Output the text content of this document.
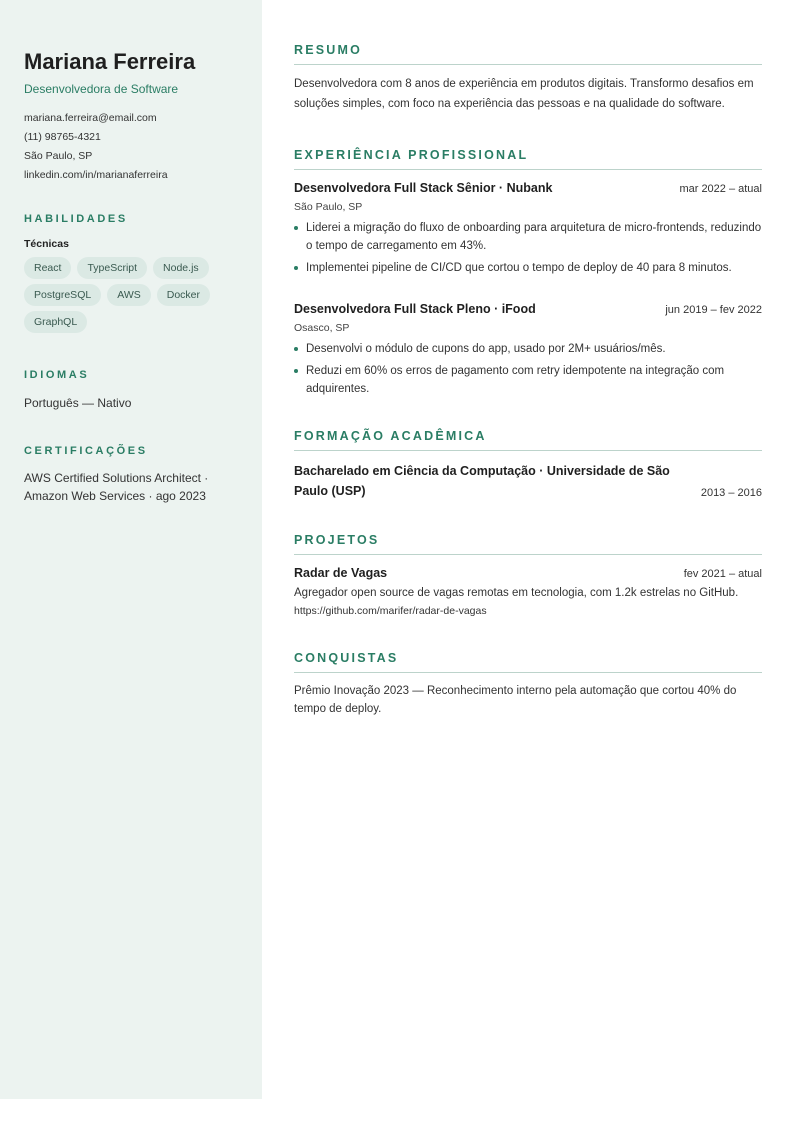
Mariana Ferreira
Desenvolvedora de Software
mariana.ferreira@email.com
(11) 98765-4321
São Paulo, SP
linkedin.com/in/marianaferreira
HABILIDADES
Técnicas
React	TypeScript	Node.js
PostgreSQL	AWS	Docker
GraphQL
IDIOMAS
Português — Nativo
CERTIFICAÇÕES
AWS Certified Solutions Architect · Amazon Web Services · ago 2023
RESUMO

Desenvolvedora com 8 anos de experiência em produtos digitais. Transformo desafios em soluções simples, com foco na experiência das pessoas e na qualidade do software.

EXPERIÊNCIA PROFISSIONAL
Desenvolvedora Full Stack Sênior · Nubank	mar 2022 – atual
São Paulo, SP
Liderei a migração do fluxo de onboarding para arquitetura de micro-frontends, reduzindo o tempo de carregamento em 43%.
Implementei pipeline de CI/CD que cortou o tempo de deploy de 40 para 8 minutos.
Desenvolvedora Full Stack Pleno · iFood	jun 2019 – fev 2022
Osasco, SP
Desenvolvi o módulo de cupons do app, usado por 2M+ usuários/mês.
Reduzi em 60% os erros de pagamento com retry idempotente na integração com adquirentes.
FORMAÇÃO ACADÊMICA
Bacharelado em Ciência da Computação · Universidade de São Paulo (USP)	2013 – 2016
PROJETOS
Radar de Vagas	fev 2021 – atual
Agregador open source de vagas remotas em tecnologia, com 1.2k estrelas no GitHub.
https://github.com/marifer/radar-de-vagas
CONQUISTAS

Prêmio Inovação 2023 — Reconhecimento interno pela automação que cortou 40% do tempo de deploy.
